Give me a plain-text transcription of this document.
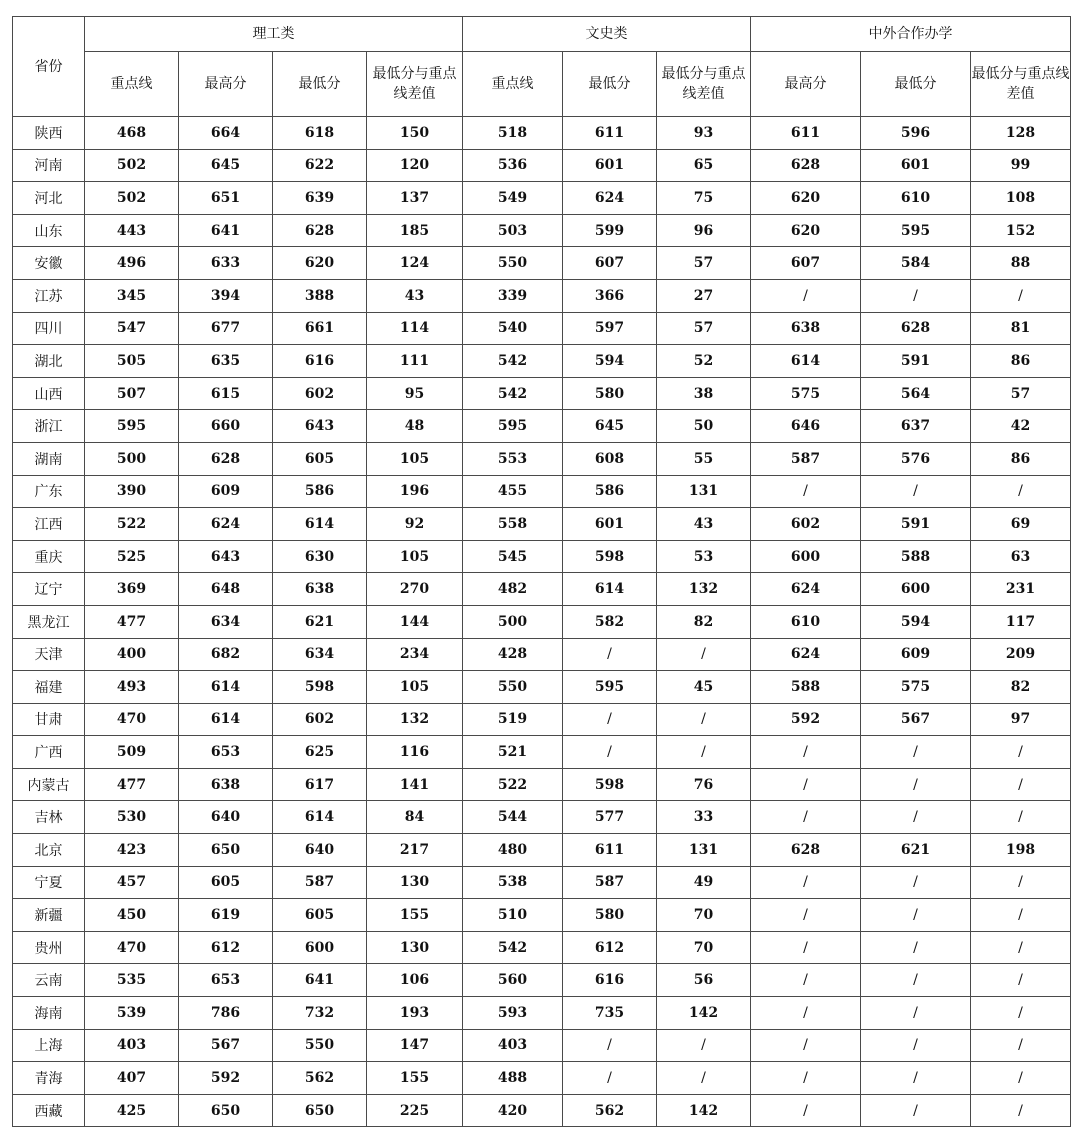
省份	理工类				文史类			中外合作办学		
	重点线	最高分	最低分	最低分与重点线差值	重点线	最低分	最低分与重点线差值	最高分	最低分	最低分与重点线差值
陕西	468	664	618	150	518	611	93	611	596	128
河南	502	645	622	120	536	601	65	628	601	99
河北	502	651	639	137	549	624	75	620	610	108
山东	443	641	628	185	503	599	96	620	595	152
安徽	496	633	620	124	550	607	57	607	584	88
江苏	345	394	388	43	339	366	27	/	/	/
四川	547	677	661	114	540	597	57	638	628	81
湖北	505	635	616	111	542	594	52	614	591	86
山西	507	615	602	95	542	580	38	575	564	57
浙江	595	660	643	48	595	645	50	646	637	42
湖南	500	628	605	105	553	608	55	587	576	86
广东	390	609	586	196	455	586	131	/	/	/
江西	522	624	614	92	558	601	43	602	591	69
重庆	525	643	630	105	545	598	53	600	588	63
辽宁	369	648	638	270	482	614	132	624	600	231
黑龙江	477	634	621	144	500	582	82	610	594	117
天津	400	682	634	234	428	/	/	624	609	209
福建	493	614	598	105	550	595	45	588	575	82
甘肃	470	614	602	132	519	/	/	592	567	97
广西	509	653	625	116	521	/	/	/	/	/
内蒙古	477	638	617	141	522	598	76	/	/	/
吉林	530	640	614	84	544	577	33	/	/	/
北京	423	650	640	217	480	611	131	628	621	198
宁夏	457	605	587	130	538	587	49	/	/	/
新疆	450	619	605	155	510	580	70	/	/	/
贵州	470	612	600	130	542	612	70	/	/	/
云南	535	653	641	106	560	616	56	/	/	/
海南	539	786	732	193	593	735	142	/	/	/
上海	403	567	550	147	403	/	/	/	/	/
青海	407	592	562	155	488	/	/	/	/	/
西藏	425	650	650	225	420	562	142	/	/	/
